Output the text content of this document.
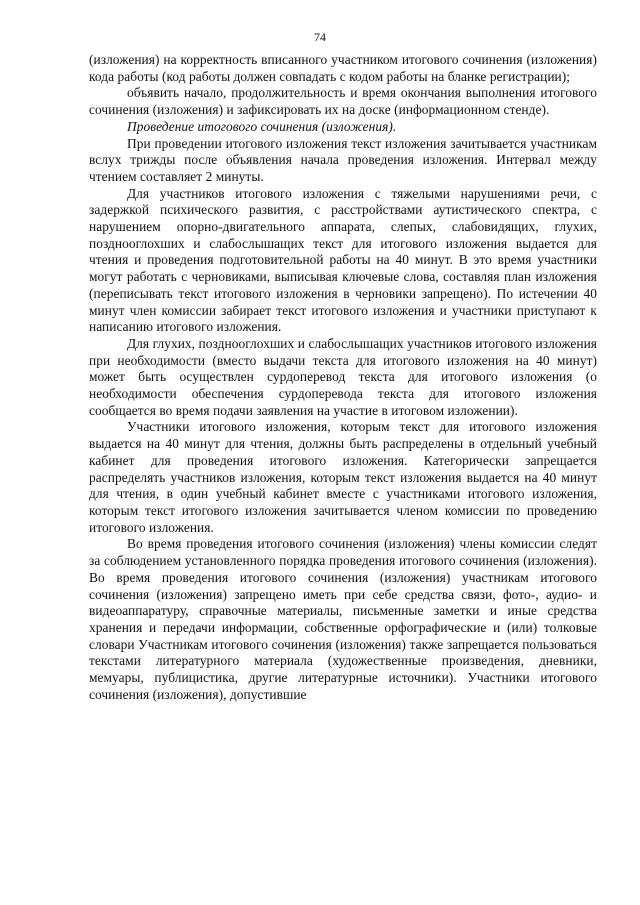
74

(изложения) на корректность вписанного участником итогового сочинения (изложения) кода работы (код работы должен совпадать с кодом работы на бланке регистрации);

объявить начало, продолжительность и время окончания выполнения итогового сочинения (изложения) и зафиксировать их на доске (информационном стенде).

Проведение итогового сочинения (изложения).

При проведении итогового изложения текст изложения зачитывается участникам вслух трижды после объявления начала проведения изложения. Интервал между чтением составляет 2 минуты.

Для участников итогового изложения с тяжелыми нарушениями речи, с задержкой психического развития, с расстройствами аутистического спектра, с нарушением опорно-двигательного аппарата, слепых, слабовидящих, глухих, позднооглохших и слабослышащих текст для итогового изложения выдается для чтения и проведения подготовительной работы на 40 минут. В это время участники могут работать с черновиками, выписывая ключевые слова, составляя план изложения (переписывать текст итогового изложения в черновики запрещено). По истечении 40 минут член комиссии забирает текст итогового изложения и участники приступают к написанию итогового изложения.

Для глухих, позднооглохших и слабослышащих участников итогового изложения при необходимости (вместо выдачи текста для итогового изложения на 40 минут) может быть осуществлен сурдоперевод текста для итогового изложения (о необходимости обеспечения сурдоперевода текста для итогового изложения сообщается во время подачи заявления на участие в итоговом изложении).

Участники итогового изложения, которым текст для итогового изложения выдается на 40 минут для чтения, должны быть распределены в отдельный учебный кабинет для проведения итогового изложения. Категорически запрещается распределять участников изложения, которым текст изложения выдается на 40 минут для чтения, в один учебный кабинет вместе с участниками итогового изложения, которым текст итогового изложения зачитывается членом комиссии по проведению итогового изложения.

Во время проведения итогового сочинения (изложения) члены комиссии следят за соблюдением установленного порядка проведения итогового сочинения (изложения). Во время проведения итогового сочинения (изложения) участникам итогового сочинения (изложения) запрещено иметь при себе средства связи, фото-, аудио- и видеоаппаратуру, справочные материалы, письменные заметки и иные средства хранения и передачи информации, собственные орфографические и (или) толковые словари Участникам итогового сочинения (изложения) также запрещается пользоваться текстами литературного материала (художественные произведения, дневники, мемуары, публицистика, другие литературные источники). Участники итогового сочинения (изложения), допустившие
